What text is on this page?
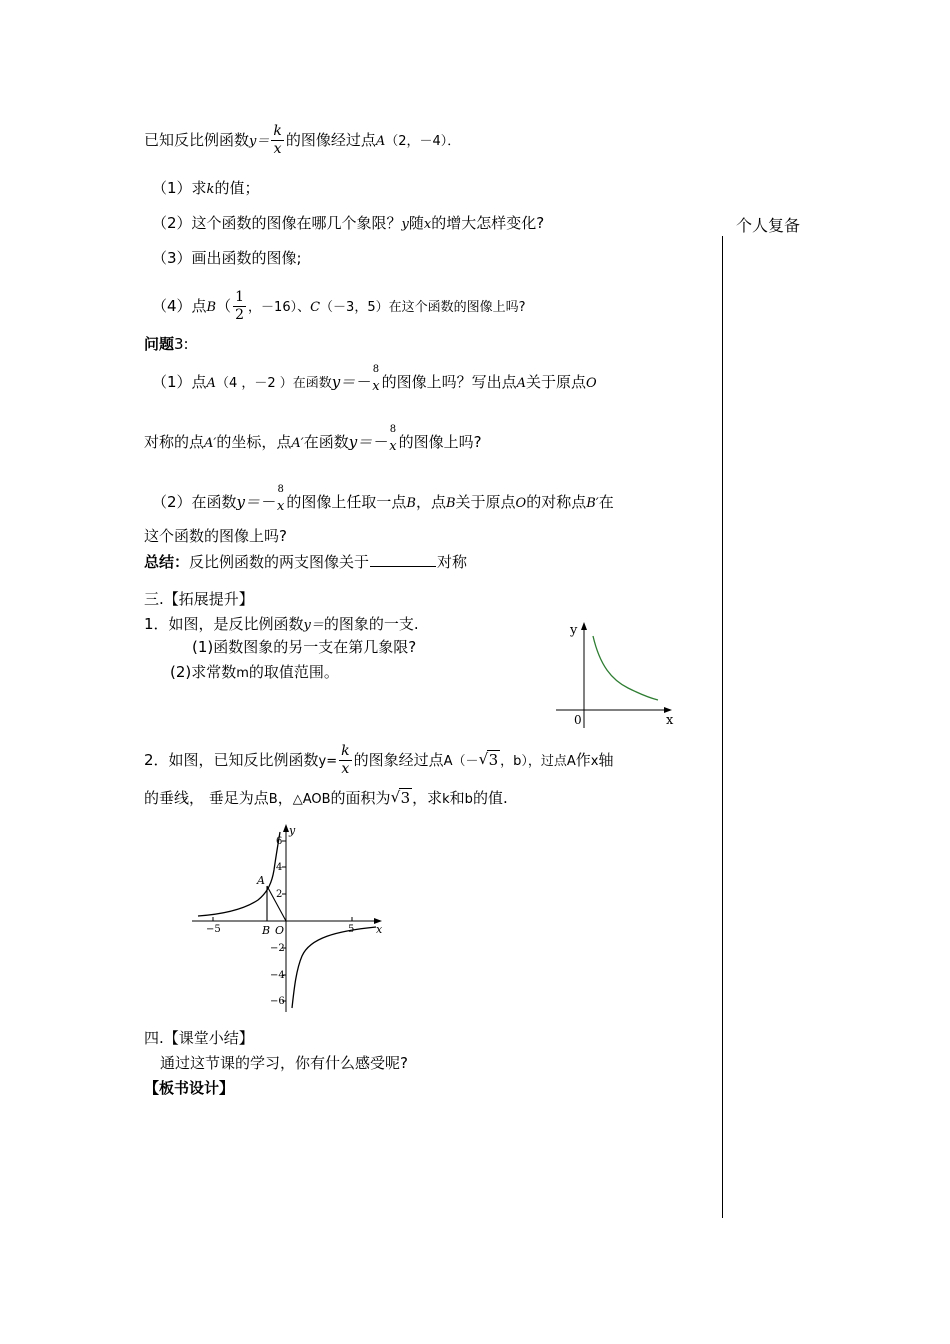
个人复备
已知反比例函数$y= \frac{k}{x}$ 的图像经过点A（2，－4）．
（1）求k的值；
（2）这个函数的图像在哪几个象限？y随x的增大怎样变化?
（3）画出函数的图像;
（4）点$B( \frac{1}{2}$ ，－16）、C（－3，5）在这个函数的图像上吗?
问题3:
（1）点A（4 ，－2 ）在函数y＝－
8
x 的图像上吗？写出点A关于原点O
对称的点A′的坐标，点A′在函数y＝－
8
x 的图像上吗?
（2）在函数y＝－
8
x 的图像上任取一点B，点B关于原点O的对称点B′在
这个函数的图像上吗?
总结：反比例函数的两支图像关于	对称
三.【拓展提升】
1．如图，是反比例函数y＝的图象的一支.
(1)函数图象的另一支在第几象限?
(2)求常数m的取值范围。
y
x
0
2．如图，已知反比例函数$y= \frac{k}{x}$ 的图象经过点A（－ √ 3 ，b），过点A作x轴
的垂线， 垂足为点B，△AOB的面积为 √ 3 ，求k和b的值.
y
x
A
B O
−5	5
6
4
2
−2
−4
−6
四.【课堂小结】
通过这节课的学习，你有什么感受呢?
【板书设计】
